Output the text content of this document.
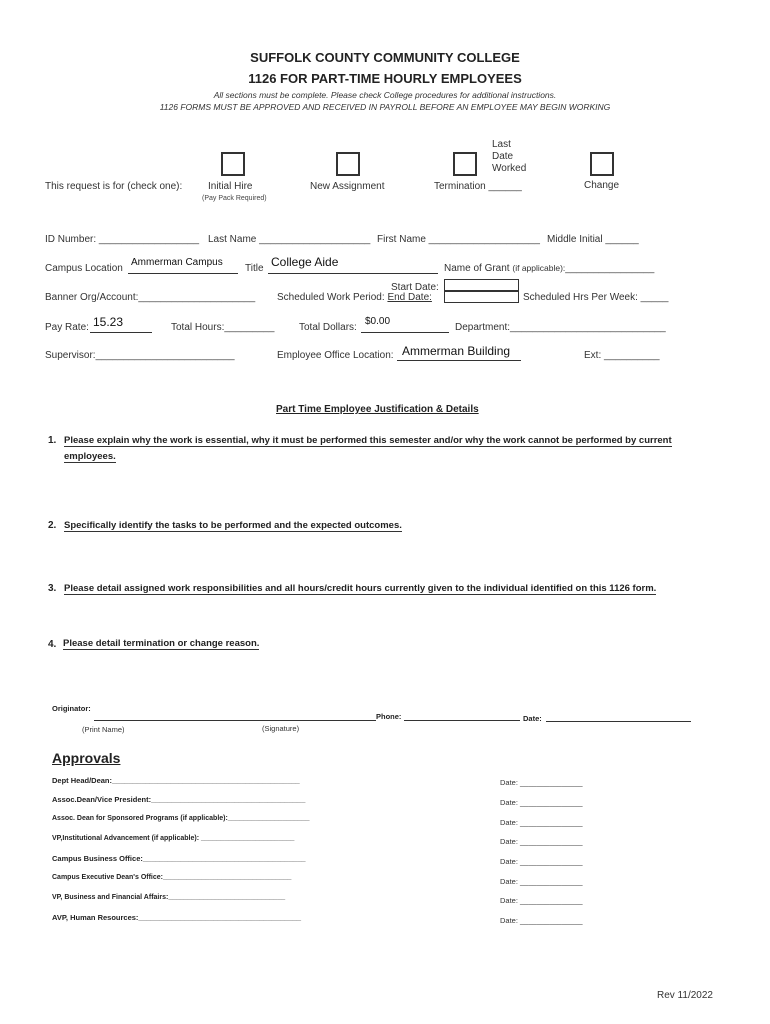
SUFFOLK COUNTY COMMUNITY COLLEGE
1126 FOR PART-TIME HOURLY EMPLOYEES
All sections must be complete. Please check College procedures for additional instructions.
1126 FORMS MUST BE APPROVED AND RECEIVED IN PAYROLL BEFORE AN EMPLOYEE MAY BEGIN WORKING
This request is for (check one):	Initial Hire
(Pay Pack Required)
New Assignment	Termination ______
Last
Date
Worked
Change
ID Number: __________________ Last Name ____________________ First Name ____________________ Middle Initial ______
Campus Location
Ammerman Campus
Title College Aide	Name of Grant (if applicable):________________
Banner Org/Account:_____________________
Start Date:
Scheduled Work Period: End Date:	Scheduled Hrs Per Week: _____
Pay Rate: 15.23	Total Hours:_________ Total Dollars:
$0.00
Department:____________________________
Supervisor:_________________________	Employee Office Location: Ammerman Building	Ext: __________
Part Time Employee Justification & Details
1. Please explain why the work is essential, why it must be performed this semester and/or why the work cannot be performed by current
employees.
2. Specifically identify the tasks to be performed and the expected outcomes.
3. Please detail assigned work responsibilities and all hours/credit hours currently given to the individual identified on this 1126 form.
4. Please detail termination or change reason.
Originator:
Phone:	Date:
(Print Name)	(Signature)
Approvals
Dept Head/Dean:_____________________________________________	Date: _______________
Assoc.Dean/Vice President:_____________________________________	Date: _______________
Assoc. Dean for Sponsored Programs (if applicable):_____________________	Date: _______________
VP,Institutional Advancement (if applicable): ________________________	Date: _______________
Campus Business Office:_______________________________________	Date: _______________
Campus Executive Dean's Office:_________________________________	Date: _______________
VP, Business and Financial Affairs:______________________________	Date: _______________
AVP, Human Resources:_______________________________________	Date: _______________
Rev 11/2022
